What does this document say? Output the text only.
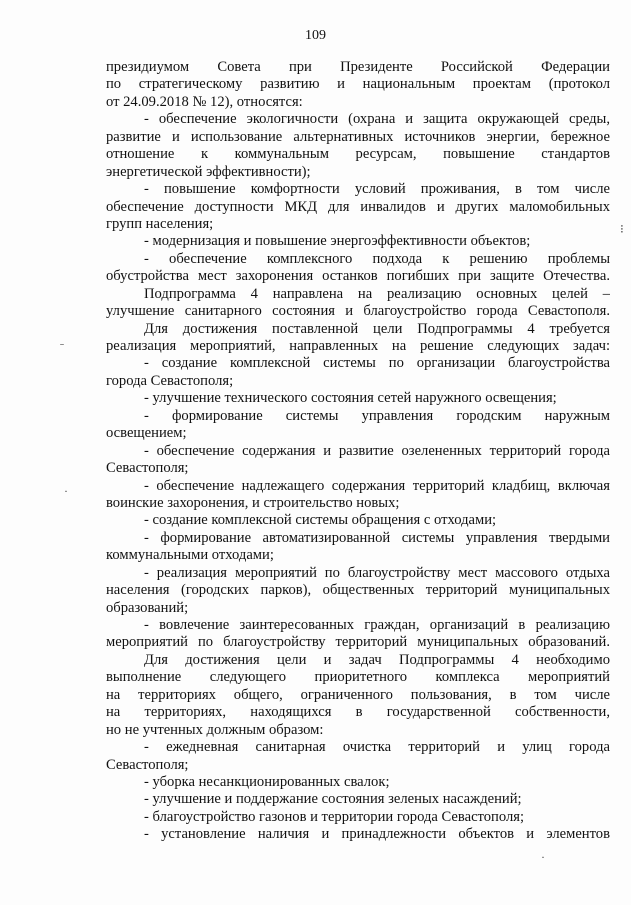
109
президиумом Совета при Президенте Российской Федерации
по стратегическому развитию и национальным проектам (протокол
от 24.09.2018 № 12), относятся:
- обеспечение экологичности (охрана и защита окружающей среды,
развитие и использование альтернативных источников энергии, бережное
отношение к коммунальным ресурсам, повышение стандартов
энергетической эффективности);
- повышение комфортности условий проживания, в том числе
обеспечение доступности МКД для инвалидов и других маломобильных
групп населения;
- модернизация и повышение энергоэффективности объектов;
- обеспечение комплексного подхода к решению проблемы
обустройства мест захоронения останков погибших при защите Отечества.
Подпрограмма 4 направлена на реализацию основных целей –
улучшение санитарного состояния и благоустройство города Севастополя.
Для достижения поставленной цели Подпрограммы 4 требуется
реализация мероприятий, направленных на решение следующих задач:
- создание комплексной системы по организации благоустройства
города Севастополя;
- улучшение технического состояния сетей наружного освещения;
- формирование системы управления городским наружным
освещением;
- обеспечение содержания и развитие озелененных территорий города
Севастополя;
- обеспечение надлежащего содержания территорий кладбищ, включая
воинские захоронения, и строительство новых;
- создание комплексной системы обращения с отходами;
- формирование автоматизированной системы управления твердыми
коммунальными отходами;
- реализация мероприятий по благоустройству мест массового отдыха
населения (городских парков), общественных территорий муниципальных
образований;
- вовлечение заинтересованных граждан, организаций в реализацию
мероприятий по благоустройству территорий муниципальных образований.
Для достижения цели и задач Подпрограммы 4 необходимо
выполнение следующего приоритетного комплекса мероприятий
на территориях общего, ограниченного пользования, в том числе
на территориях, находящихся в государственной собственности,
но не учтенных должным образом:
- ежедневная санитарная очистка территорий и улиц города
Севастополя;
- уборка несанкционированных свалок;
- улучшение и поддержание состояния зеленых насаждений;
- благоустройство газонов и территории города Севастополя;
- установление наличия и принадлежности объектов и элементов
ˉ
·
⁝
·
